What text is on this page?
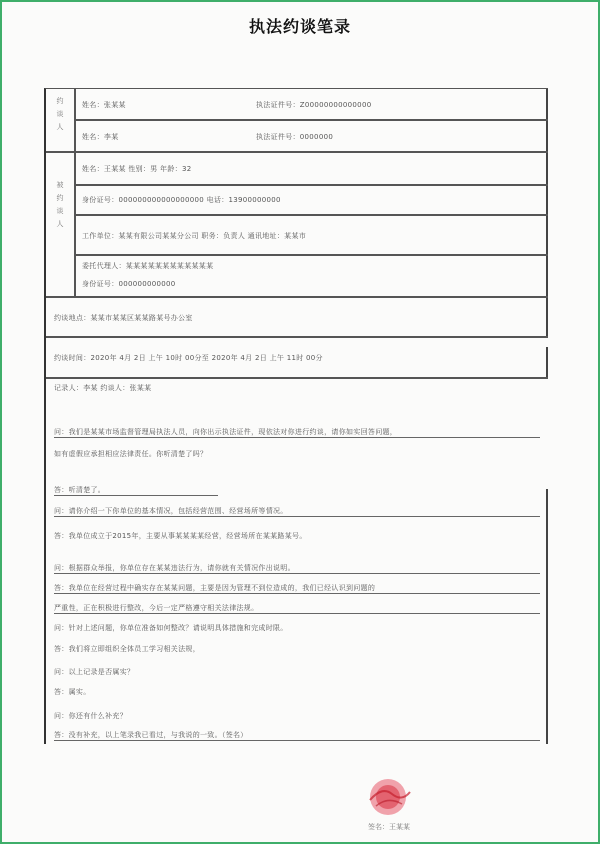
执法约谈笔录
约谈人
被约谈人
姓名：张某某	执法证件号：Z00000000000000
姓名：李某	执法证件号：0000000
姓名：王某某 性别：男 年龄：32
身份证号：000000000000000000 电话：13900000000
工作单位：某某有限公司某某分公司 职务：负责人 通讯地址：某某市
委托代理人：某某某某某某某某某某某某
身份证号：000000000000
约谈地点：某某市某某区某某路某号办公室
约谈时间：2020年 4月 2日 上午 10时 00分至 2020年 4月 2日 上午 11时 00分
记录人：李某 约谈人：张某某
问：我们是某某市场监督管理局执法人员，向你出示执法证件，现依法对你进行约谈，请你如实回答问题，
如有虚假应承担相应法律责任。你听清楚了吗？
答：听清楚了。
问：请你介绍一下你单位的基本情况，包括经营范围、经营场所等情况。
答：我单位成立于2015年，主要从事某某某某经营，经营场所在某某路某号。
问：根据群众举报，你单位存在某某违法行为，请你就有关情况作出说明。
答：我单位在经营过程中确实存在某某问题，主要是因为管理不到位造成的，我们已经认识到问题的
严重性，正在积极进行整改，今后一定严格遵守相关法律法规。
问：针对上述问题，你单位准备如何整改？请说明具体措施和完成时限。
答：我们将立即组织全体员工学习相关法规，
问：以上记录是否属实？
答：属实。
问：你还有什么补充？
答：没有补充，以上笔录我已看过，与我说的一致。（签名）
签名：王某某
